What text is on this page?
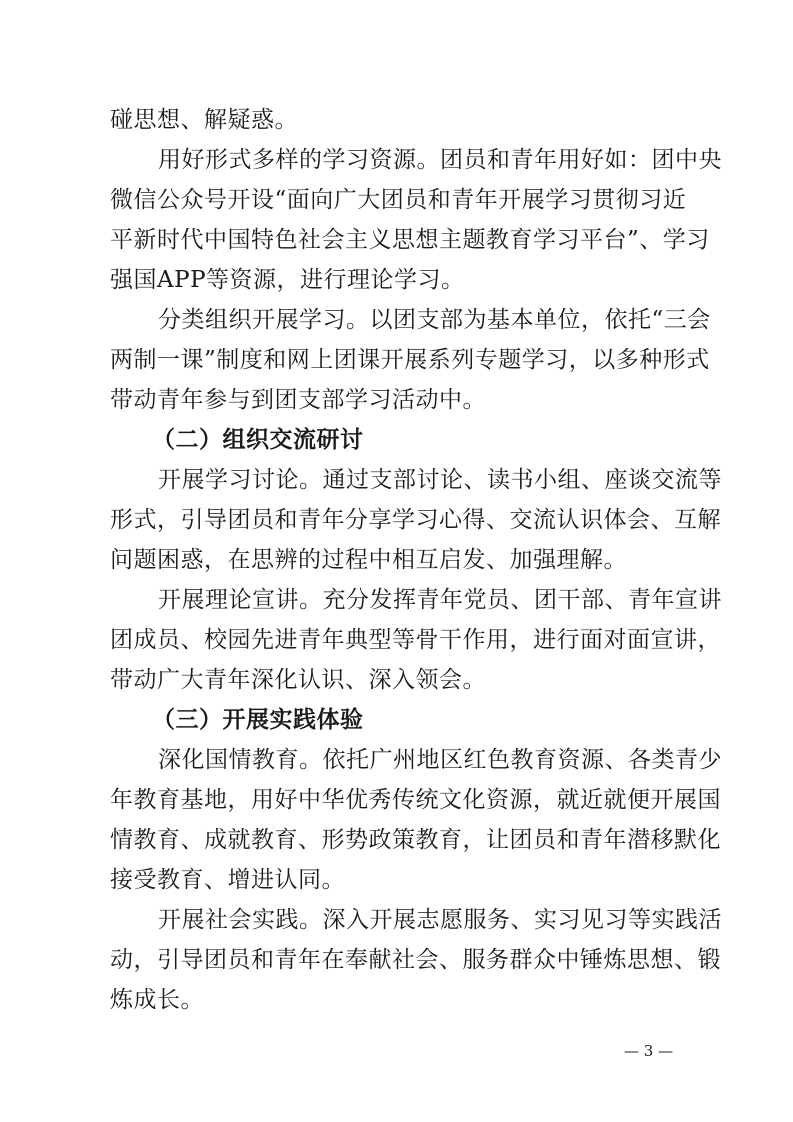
碰思想、解疑惑。
用好形式多样的学习资源。团员和青年用好如：团中央
微信公众号开设“面向广大团员和青年开展学习贯彻习近
平新时代中国特色社会主义思想主题教育学习平台”、学习
强国APP等资源，进行理论学习。
分类组织开展学习。以团支部为基本单位，依托“三会
两制一课”制度和网上团课开展系列专题学习，以多种形式
带动青年参与到团支部学习活动中。
（二）组织交流研讨
开展学习讨论。通过支部讨论、读书小组、座谈交流等
形式，引导团员和青年分享学习心得、交流认识体会、互解
问题困惑，在思辨的过程中相互启发、加强理解。
开展理论宣讲。充分发挥青年党员、团干部、青年宣讲
团成员、校园先进青年典型等骨干作用，进行面对面宣讲，
带动广大青年深化认识、深入领会。
（三）开展实践体验
深化国情教育。依托广州地区红色教育资源、各类青少
年教育基地，用好中华优秀传统文化资源，就近就便开展国
情教育、成就教育、形势政策教育，让团员和青年潜移默化
接受教育、增进认同。
开展社会实践。深入开展志愿服务、实习见习等实践活
动，引导团员和青年在奉献社会、服务群众中锤炼思想、锻
炼成长。
— 3 —
